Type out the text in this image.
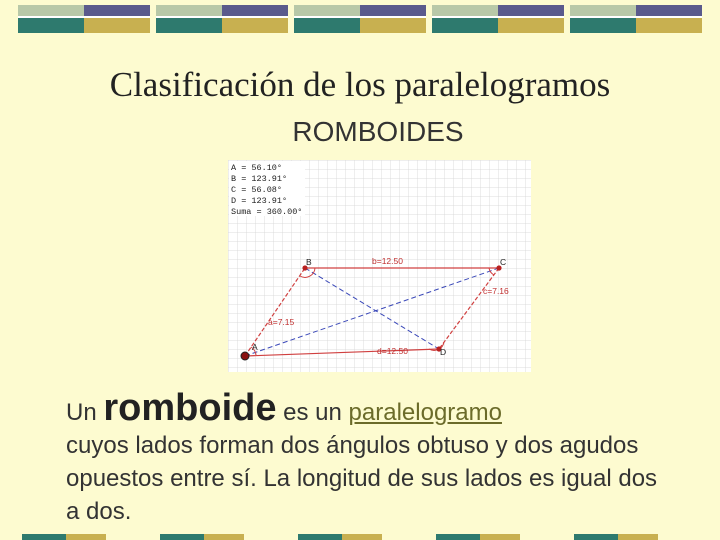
Clasificación de los paralelogramos
ROMBOIDES
A = 56.10°
B = 123.91°
C = 56.08°
D = 123.91°
Suma = 360.00°
A
B	C
D
b=12.50
c=7.16
a=7.15
d=12.50
Un romboide es un paralelogramo
cuyos lados forman dos ángulos obtuso y dos agudos opuestos entre sí. La longitud de sus lados es igual dos a dos.
